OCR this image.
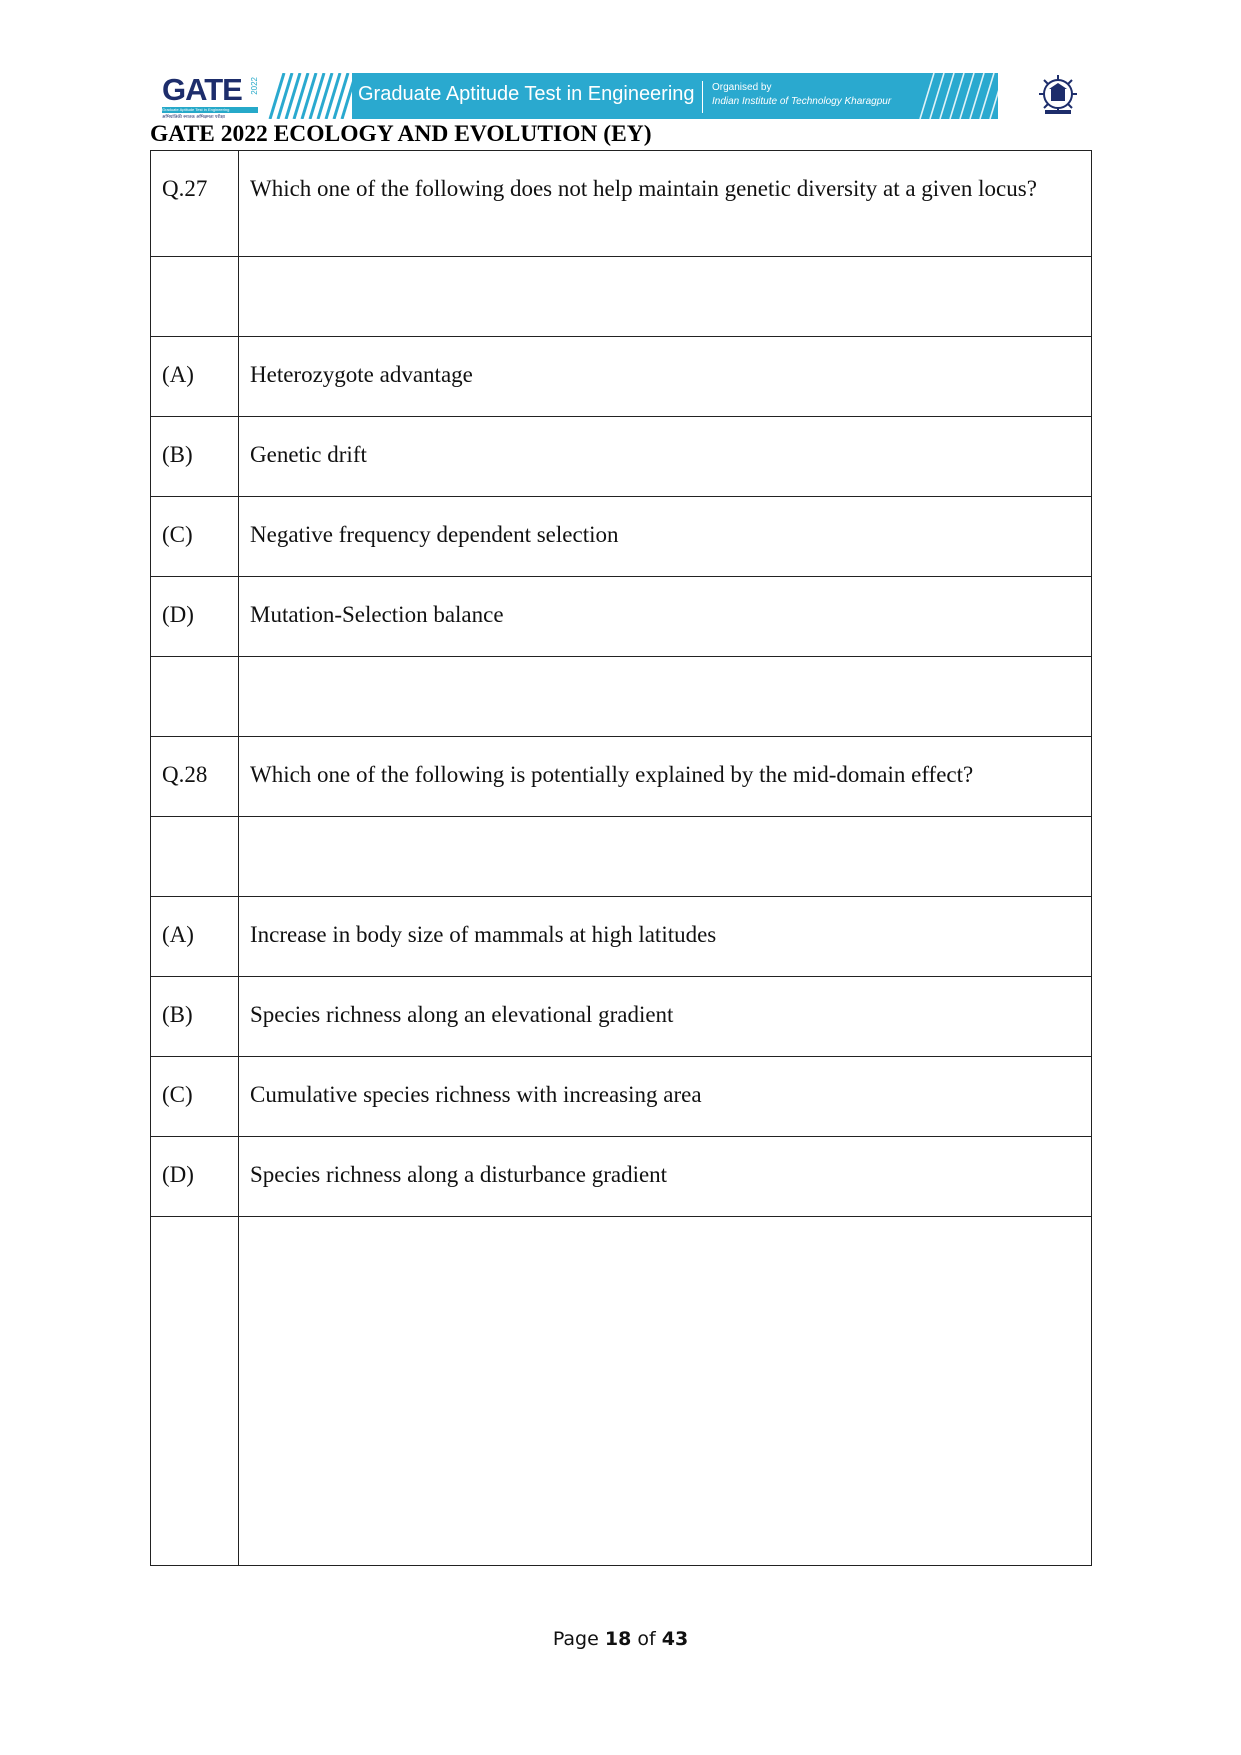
GATE 2022
Graduate Aptitude Test in Engineering
अभियांत्रिकी स्नातक अभिक्षमता परीक्षा
Graduate Aptitude Test in Engineering Organised by
Indian Institute of Technology Kharagpur
GATE 2022 ECOLOGY AND EVOLUTION (EY)
Q.27	Which one of the following does not help maintain genetic diversity at a given locus?

(A)	Heterozygote advantage
(B)	Genetic drift
(C)	Negative frequency dependent selection
(D)	Mutation-Selection balance

Q.28	Which one of the following is potentially explained by the mid-domain effect?

(A)	Increase in body size of mammals at high latitudes
(B)	Species richness along an elevational gradient
(C)	Cumulative species richness with increasing area
(D)	Species richness along a disturbance gradient

Page 18 of 43
